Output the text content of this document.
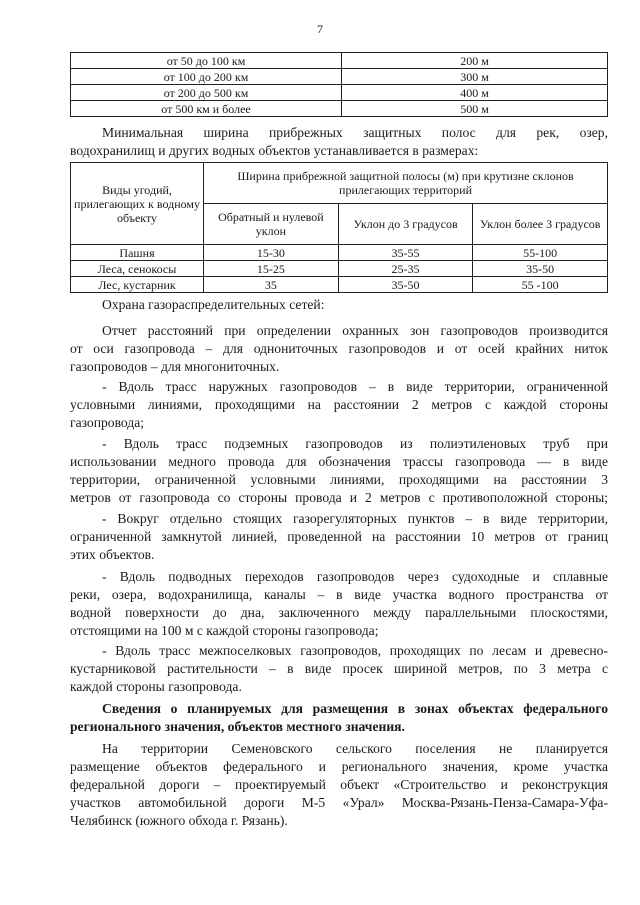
7
от 50 до 100 км	200 м
от 100 до 200 км	300 м
от 200 до 500 км	400 м
от 500 км и более	500 м
Минимальная ширина прибрежных защитных полос для рек, озер,
водохранилищ и других водных объектов устанавливается в размерах:
Виды угодий, прилегающих к водному объекту	Ширина прибрежной защитной полосы (м) при крутизне склонов прилегающих территорий		
	Обратный и нулевой уклон	Уклон до 3 градусов	Уклон более 3 градусов
Пашня	15-30	35-55	55-100
Леса, сенокосы	15-25	25-35	35-50
Лес, кустарник	35	35-50	55 -100
Охрана газораспределительных сетей:
Отчет расстояний при определении охранных зон газопроводов производится
от оси газопровода – для однониточных газопроводов и от осей крайних ниток
газопроводов – для многониточных.
- Вдоль трасс наружных газопроводов – в виде территории, ограниченной
условными линиями, проходящими на расстоянии 2 метров с каждой стороны
газопровода;
- Вдоль трасс подземных газопроводов из полиэтиленовых труб при
использовании медного провода для обозначения трассы газопровода — в виде
территории, ограниченной условными линиями, проходящими на расстоянии 3
метров от газопровода со стороны провода и 2 метров с противоположной стороны;
- Вокруг отдельно стоящих газорегуляторных пунктов – в виде территории,
ограниченной замкнутой линией, проведенной на расстоянии 10 метров от границ
этих объектов.
- Вдоль подводных переходов газопроводов через судоходные и сплавные
реки, озера, водохранилища, каналы – в виде участка водного пространства от
водной поверхности до дна, заключенного между параллельными плоскостями,
отстоящими на 100 м с каждой стороны газопровода;
- Вдоль трасс межпоселковых газопроводов, проходящих по лесам и древесно-
кустарниковой растительности – в виде просек шириной метров, по 3 метра с
каждой стороны газопровода.
Сведения о планируемых для размещения в зонах объектах федерального
регионального значения, объектов местного значения.
На территории Семеновского сельского поселения не планируется
размещение объектов федерального и регионального значения, кроме участка
федеральной дороги – проектируемый объект «Строительство и реконструкция
участков автомобильной дороги М-5 «Урал» Москва-Рязань-Пенза-Самара-Уфа-
Челябинск (южного обхода г. Рязань).
